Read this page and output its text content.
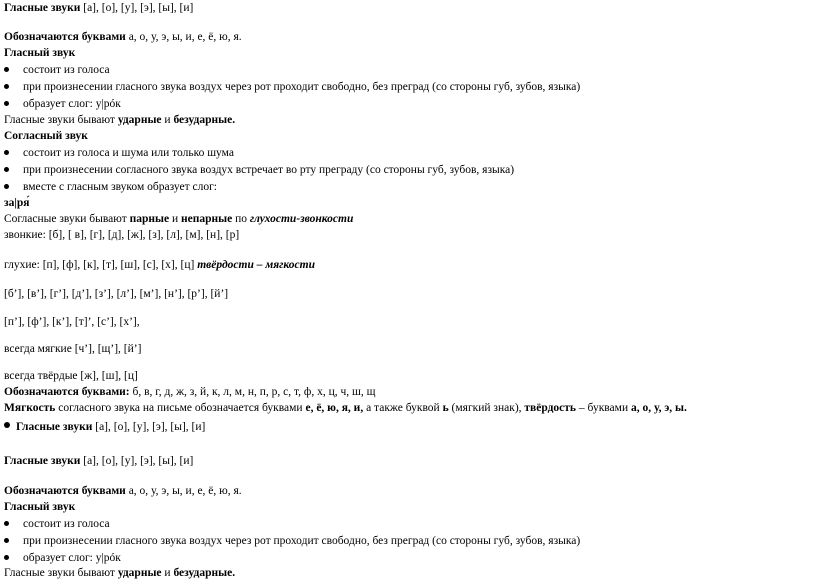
Гласные звуки [а], [о], [у], [э], [ы], [и]
Обозначаются буквами а, о, у, э, ы, и, е, ё, ю, я.
Гласный звук
состоит из голоса
при произнесении гласного звука воздух через рот проходит свободно, без преград (со стороны губ, зубов, языка)
образует слог: у|рóк
Гласные звуки бывают ударные и безударные.
Согласный звук
состоит из голоса и шума или только шума
при произнесении согласного звука воздух встречает во рту преграду (со стороны губ, зубов, языка)
вместе с гласным звуком образует слог:
за|ря́
Согласные звуки бывают парные и непарные по глухости-звонкости
звонкие: [б], [ в], [г], [д], [ж], [з], [л], [м], [н], [р]
глухие: [п], [ф], [к], [т], [ш], [с], [х], [ц] твёрдости – мягкости
[б’], [в’], [г’], [д’], [з’], [л’], [м’], [н’], [р’], [й’]
[п’], [ф’], [к’], [т]’, [с’], [х’],
всегда мягкие [ч’], [щ’], [й’]
всегда твёрдые [ж], [ш], [ц]
Обозначаются буквами: б, в, г, д, ж, з, й, к, л, м, н, п, р, с, т, ф, х, ц, ч, ш, щ
Мягкость согласного звука на письме обозначается буквами е, ё, ю, я, и, а также буквой ь (мягкий знак), твёрдость – буквами а, о, у, э, ы.
Гласные звуки [а], [о], [у], [э], [ы], [и]
Гласные звуки [а], [о], [у], [э], [ы], [и]
Обозначаются буквами а, о, у, э, ы, и, е, ё, ю, я.
Гласный звук
состоит из голоса
при произнесении гласного звука воздух через рот проходит свободно, без преград (со стороны губ, зубов, языка)
образует слог: у|рóк
Гласные звуки бывают ударные и безударные.
